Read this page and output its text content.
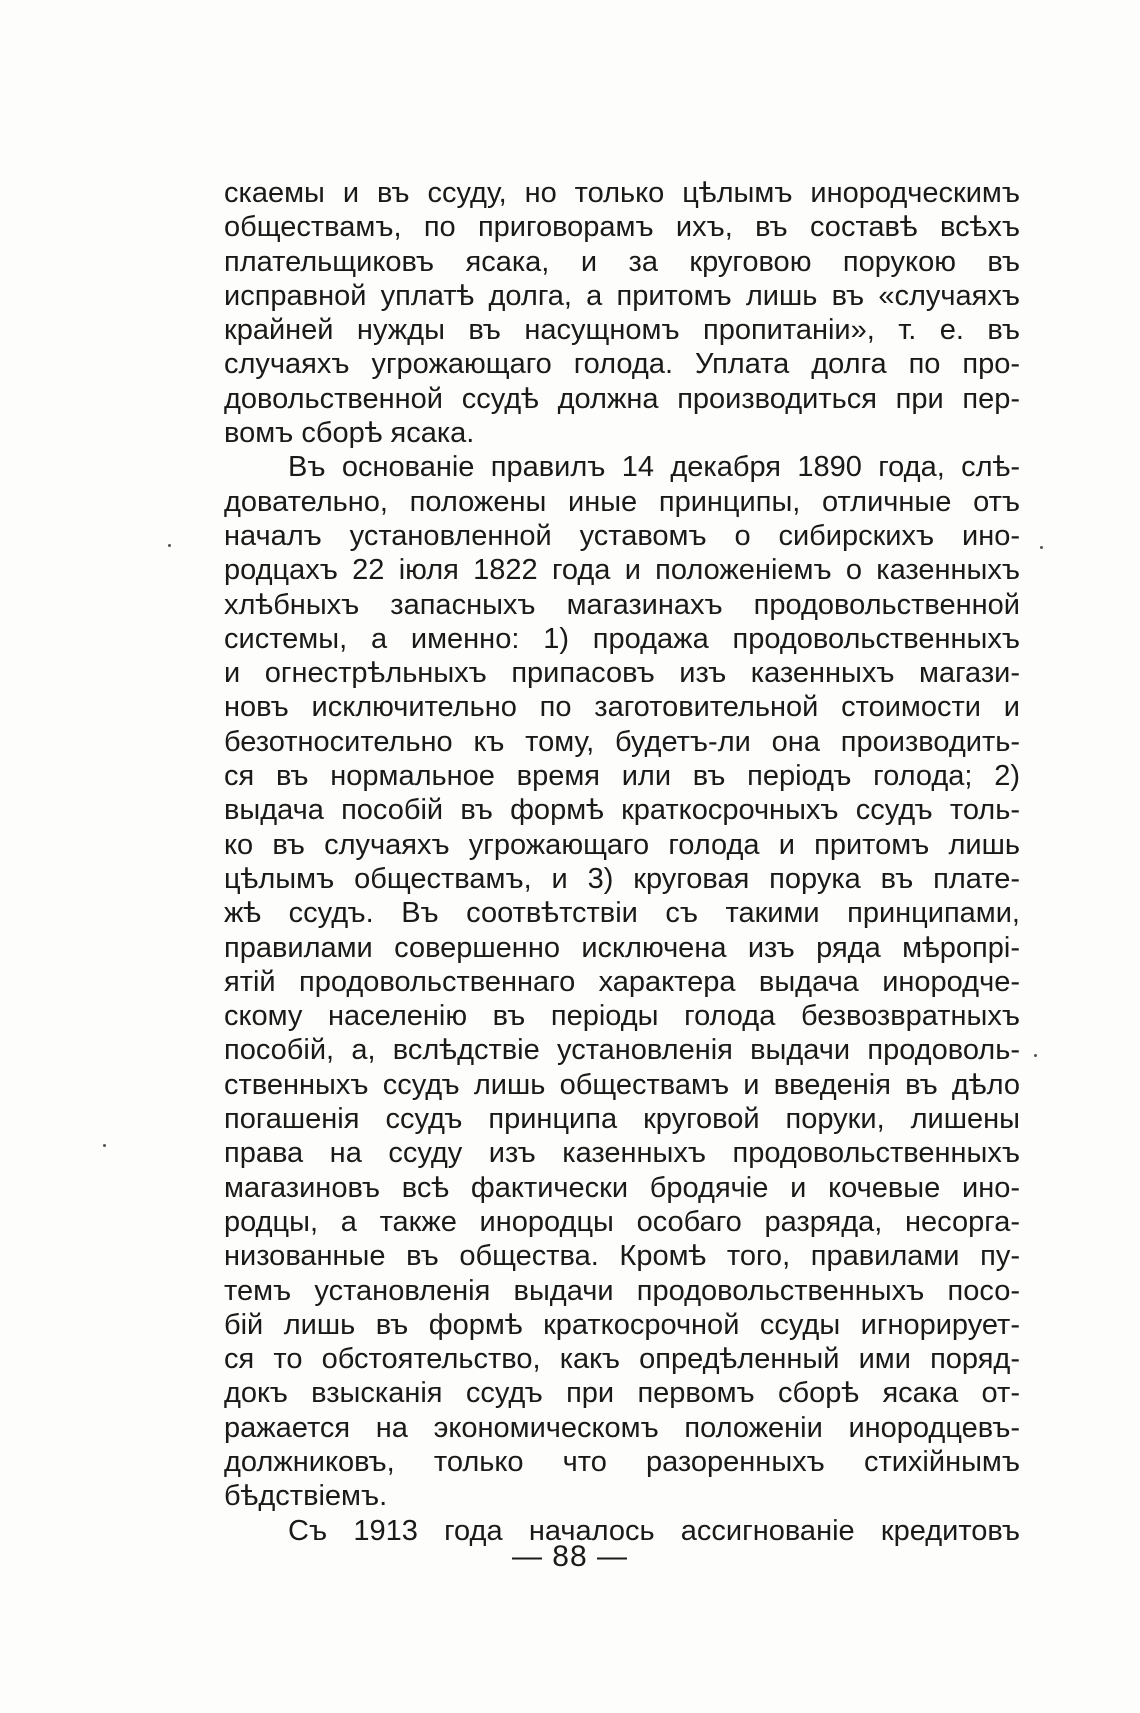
скаемы и въ ссуду, но только цѣлымъ инородческимъ
обществамъ, по приговорамъ ихъ, въ составѣ всѣхъ
плательщиковъ ясака, и за круговою порукою въ
исправной уплатѣ долга, а притомъ лишь въ «случаяхъ
крайней нужды въ насущномъ пропитаніи», т. е. въ
случаяхъ угрожающаго голода. Уплата долга по про-
довольственной ссудѣ должна производиться при пер-
вомъ сборѣ ясака.
Въ основаніе правилъ 14 декабря 1890 года, слѣ-
довательно, положены иные принципы, отличные отъ
началъ установленной уставомъ о сибирскихъ ино-
родцахъ 22 іюля 1822 года и положеніемъ о казенныхъ
хлѣбныхъ запасныхъ магазинахъ продовольственной
системы, а именно: 1) продажа продовольственныхъ
и огнестрѣльныхъ припасовъ изъ казенныхъ магази-
новъ исключительно по заготовительной стоимости и
безотносительно къ тому, будетъ-ли она производить-
ся въ нормальное время или въ періодъ голода; 2)
выдача пособій въ формѣ краткосрочныхъ ссудъ толь-
ко въ случаяхъ угрожающаго голода и притомъ лишь
цѣлымъ обществамъ, и 3) круговая порука въ плате-
жѣ ссудъ. Въ соотвѣтствіи съ такими принципами,
правилами совершенно исключена изъ ряда мѣропрі-
ятій продовольственнаго характера выдача инородче-
скому населенію въ періоды голода безвозвратныхъ
пособій, а, вслѣдствіе установленія выдачи продоволь-
ственныхъ ссудъ лишь обществамъ и введенія въ дѣло
погашенія ссудъ принципа круговой поруки, лишены
права на ссуду изъ казенныхъ продовольственныхъ
магазиновъ всѣ фактически бродячіе и кочевые ино-
родцы, а также инородцы особаго разряда, несорга-
низованные въ общества. Кромѣ того, правилами пу-
темъ установленія выдачи продовольственныхъ посо-
бій лишь въ формѣ краткосрочной ссуды игнорирует-
ся то обстоятельство, какъ опредѣленный ими поряд-
докъ взысканія ссудъ при первомъ сборѣ ясака от-
ражается на экономическомъ положеніи инородцевъ-
должниковъ, только что разоренныхъ стихійнымъ
бѣдствіемъ.
Съ 1913 года началось ассигнованіе кредитовъ
— 88 —
